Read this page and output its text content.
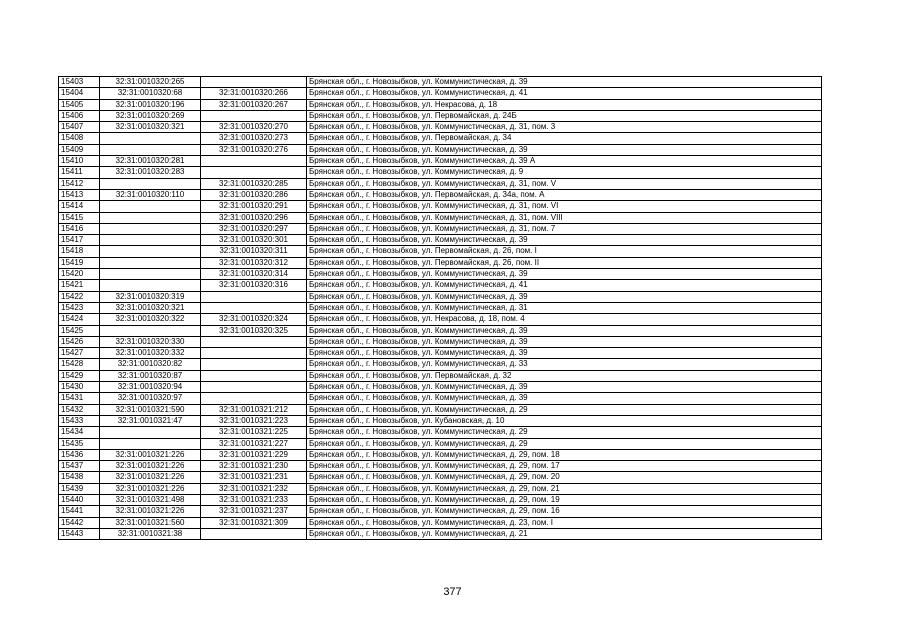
15403	32:31:0010320:265		Брянская обл., г. Новозыбков, ул. Коммунистическая, д. 39
15404	32:31:0010320:68	32:31:0010320:266	Брянская обл., г. Новозыбков, ул. Коммунистическая, д. 41
15405	32:31:0010320:196	32:31:0010320:267	Брянская обл., г. Новозыбков, ул. Некрасова, д. 18
15406	32:31:0010320:269		Брянская обл., г. Новозыбков, ул. Первомайская, д. 24Б
15407	32:31:0010320:321	32:31:0010320:270	Брянская обл., г. Новозыбков, ул. Коммунистическая, д. 31, пом. 3
15408		32:31:0010320:273	Брянская обл., г. Новозыбков, ул. Первомайская, д. 34
15409		32:31:0010320:276	Брянская обл., г. Новозыбков, ул. Коммунистическая, д. 39
15410	32:31:0010320:281		Брянская обл., г. Новозыбков, ул. Коммунистическая, д. 39 А
15411	32:31:0010320:283		Брянская обл., г. Новозыбков, ул. Коммунистическая, д. 9
15412		32:31:0010320:285	Брянская обл., г. Новозыбков, ул. Коммунистическая, д. 31, пом. V
15413	32:31:0010320:110	32:31:0010320:286	Брянская обл., г. Новозыбков, ул. Первомайская, д. 34а, пом. А
15414		32:31:0010320:291	Брянская обл., г. Новозыбков, ул. Коммунистическая, д. 31, пом. VI
15415		32:31:0010320:296	Брянская обл., г. Новозыбков, ул. Коммунистическая, д. 31, пом. VIII
15416		32:31:0010320:297	Брянская обл., г. Новозыбков, ул. Коммунистическая, д. 31, пом. 7
15417		32:31:0010320:301	Брянская обл., г. Новозыбков, ул. Коммунистическая, д. 39
15418		32:31:0010320:311	Брянская обл., г. Новозыбков, ул. Первомайская, д. 26, пом. I
15419		32:31:0010320:312	Брянская обл., г. Новозыбков, ул. Первомайская, д. 26, пом. II
15420		32:31:0010320:314	Брянская обл., г. Новозыбков, ул. Коммунистическая, д. 39
15421		32:31:0010320:316	Брянская обл., г. Новозыбков, ул. Коммунистическая, д. 41
15422	32:31:0010320:319		Брянская обл., г. Новозыбков, ул. Коммунистическая, д. 39
15423	32:31:0010320:321		Брянская обл., г. Новозыбков, ул. Коммунистическая, д. 31
15424	32:31:0010320:322	32:31:0010320:324	Брянская обл., г. Новозыбков, ул. Некрасова, д. 18, пом. 4
15425		32:31:0010320:325	Брянская обл., г. Новозыбков, ул. Коммунистическая, д. 39
15426	32:31:0010320:330		Брянская обл., г. Новозыбков, ул. Коммунистическая, д. 39
15427	32:31:0010320:332		Брянская обл., г. Новозыбков, ул. Коммунистическая, д. 39
15428	32:31:0010320:82		Брянская обл., г. Новозыбков, ул. Коммунистическая, д. 33
15429	32:31:0010320:87		Брянская обл., г. Новозыбков, ул. Первомайская, д. 32
15430	32:31:0010320:94		Брянская обл., г. Новозыбков, ул. Коммунистическая, д. 39
15431	32:31:0010320:97		Брянская обл., г. Новозыбков, ул. Коммунистическая, д. 39
15432	32:31:0010321:590	32:31:0010321:212	Брянская обл., г. Новозыбков, ул. Коммунистическая, д. 29
15433	32:31:0010321:47	32:31:0010321:223	Брянская обл., г. Новозыбков, ул. Кубановская, д. 10
15434		32:31:0010321:225	Брянская обл., г. Новозыбков, ул. Коммунистическая, д. 29
15435		32:31:0010321:227	Брянская обл., г. Новозыбков, ул. Коммунистическая, д. 29
15436	32:31:0010321:226	32:31:0010321:229	Брянская обл., г. Новозыбков, ул. Коммунистическая, д. 29, пом. 18
15437	32:31:0010321:226	32:31:0010321:230	Брянская обл., г. Новозыбков, ул. Коммунистическая, д. 29, пом. 17
15438	32:31:0010321:226	32:31:0010321:231	Брянская обл., г. Новозыбков, ул. Коммунистическая, д. 29, пом. 20
15439	32:31:0010321:226	32:31:0010321:232	Брянская обл., г. Новозыбков, ул. Коммунистическая, д. 29, пом. 21
15440	32:31:0010321:498	32:31:0010321:233	Брянская обл., г. Новозыбков, ул. Коммунистическая, д. 29, пом. 19
15441	32:31:0010321:226	32:31:0010321:237	Брянская обл., г. Новозыбков, ул. Коммунистическая, д. 29, пом. 16
15442	32:31:0010321:560	32:31:0010321:309	Брянская обл., г. Новозыбков, ул. Коммунистическая, д. 23, пом. I
15443	32:31:0010321:38		Брянская обл., г. Новозыбков, ул. Коммунистическая, д. 21
377
